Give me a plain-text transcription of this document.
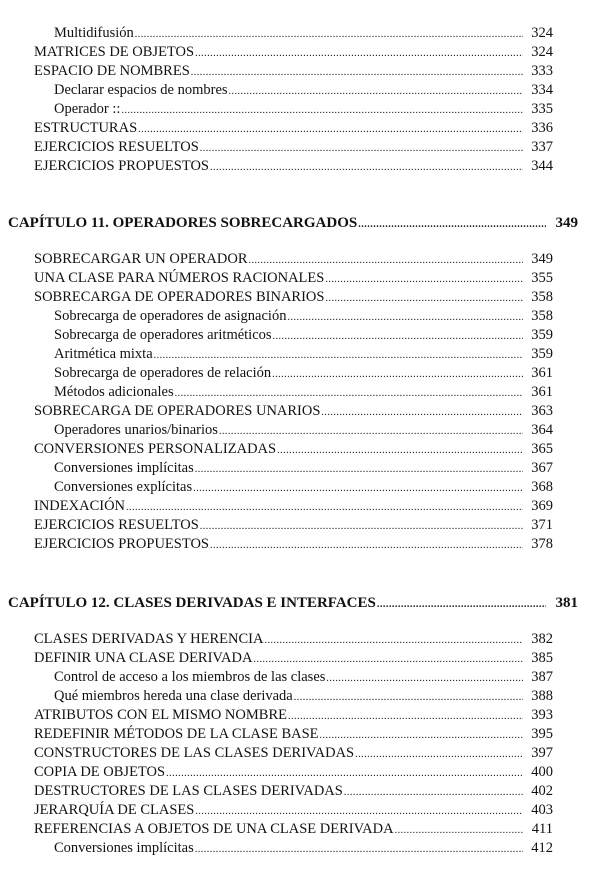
Multidifusión .....	324
MATRICES DE OBJETOS .....	324
ESPACIO DE NOMBRES .....	333
Declarar espacios de nombres .....	334
Operador :: .....	335
ESTRUCTURAS .....	336
EJERCICIOS RESUELTOS .....	337
EJERCICIOS PROPUESTOS .....	344
CAPÍTULO 11. OPERADORES SOBRECARGADOS .....	349
SOBRECARGAR UN OPERADOR .....	349
UNA CLASE PARA NÚMEROS RACIONALES .....	355
SOBRECARGA DE OPERADORES BINARIOS .....	358
Sobrecarga de operadores de asignación .....	358
Sobrecarga de operadores aritméticos .....	359
Aritmética mixta .....	359
Sobrecarga de operadores de relación .....	361
Métodos adicionales .....	361
SOBRECARGA DE OPERADORES UNARIOS .....	363
Operadores unarios/binarios .....	364
CONVERSIONES PERSONALIZADAS .....	365
Conversiones implícitas .....	367
Conversiones explícitas .....	368
INDEXACIÓN .....	369
EJERCICIOS RESUELTOS .....	371
EJERCICIOS PROPUESTOS .....	378
CAPÍTULO 12. CLASES DERIVADAS E INTERFACES .....	381
CLASES DERIVADAS Y HERENCIA .....	382
DEFINIR UNA CLASE DERIVADA .....	385
Control de acceso a los miembros de las clases .....	387
Qué miembros hereda una clase derivada .....	388
ATRIBUTOS CON EL MISMO NOMBRE .....	393
REDEFINIR MÉTODOS DE LA CLASE BASE .....	395
CONSTRUCTORES DE LAS CLASES DERIVADAS .....	397
COPIA DE OBJETOS .....	400
DESTRUCTORES DE LAS CLASES DERIVADAS .....	402
JERARQUÍA DE CLASES .....	403
REFERENCIAS A OBJETOS DE UNA CLASE DERIVADA .....	411
Conversiones implícitas .....	412
